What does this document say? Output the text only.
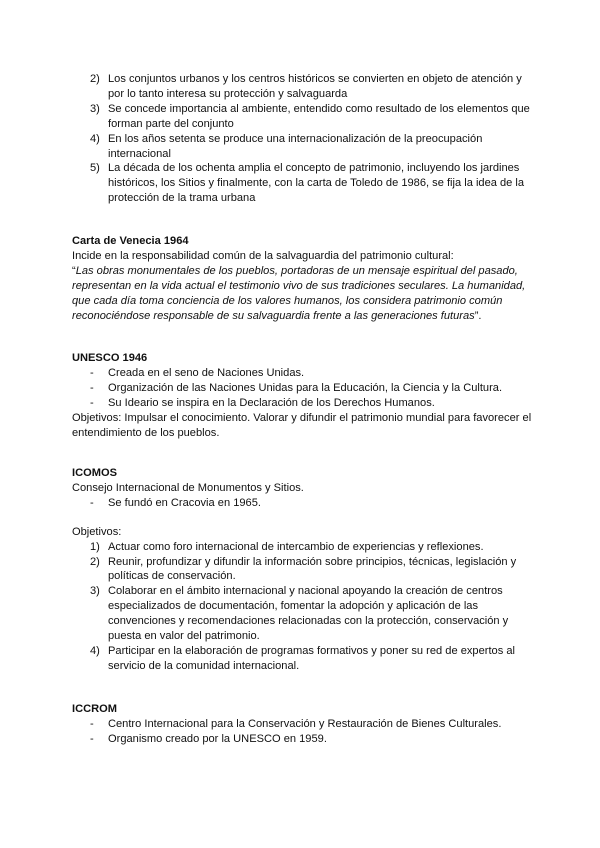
2) Los conjuntos urbanos y los centros históricos se convierten en objeto de atención y por lo tanto interesa su protección y salvaguarda
3) Se concede importancia al ambiente, entendido como resultado de los elementos que forman parte del conjunto
4) En los años setenta se produce una internacionalización de la preocupación internacional
5) La década de los ochenta amplia el concepto de patrimonio, incluyendo los jardines históricos, los Sitios y finalmente, con la carta de Toledo de 1986, se fija la idea de la protección de la trama urbana

Carta de Venecia 1964

Incide en la responsabilidad común de la salvaguardia del patrimonio cultural:

“Las obras monumentales de los pueblos, portadoras de un mensaje espiritual del pasado, representan en la vida actual el testimonio vivo de sus tradiciones seculares. La humanidad, que cada día toma conciencia de los valores humanos, los considera patrimonio común reconociéndose responsable de su salvaguardia frente a las generaciones futuras”.

UNESCO 1946

-	Creada en el seno de Naciones Unidas.
-	Organización de las Naciones Unidas para la Educación, la Ciencia y la Cultura.
-	Su Ideario se inspira en la Declaración de los Derechos Humanos.

Objetivos: Impulsar el conocimiento. Valorar y difundir el patrimonio mundial para favorecer el entendimiento de los pueblos.

ICOMOS

Consejo Internacional de Monumentos y Sitios.

-	Se fundó en Cracovia en 1965.

Objetivos:

1) Actuar como foro internacional de intercambio de experiencias y reflexiones.
2) Reunir, profundizar y difundir la información sobre principios, técnicas, legislación y políticas de conservación.
3) Colaborar en el ámbito internacional y nacional apoyando la creación de centros especializados de documentación, fomentar la adopción y aplicación de las convenciones y recomendaciones relacionadas con la protección, conservación y puesta en valor del patrimonio.
4) Participar en la elaboración de programas formativos y poner su red de expertos al servicio de la comunidad internacional.

ICCROM

-	Centro Internacional para la Conservación y Restauración de Bienes Culturales.
-	Organismo creado por la UNESCO en 1959.
